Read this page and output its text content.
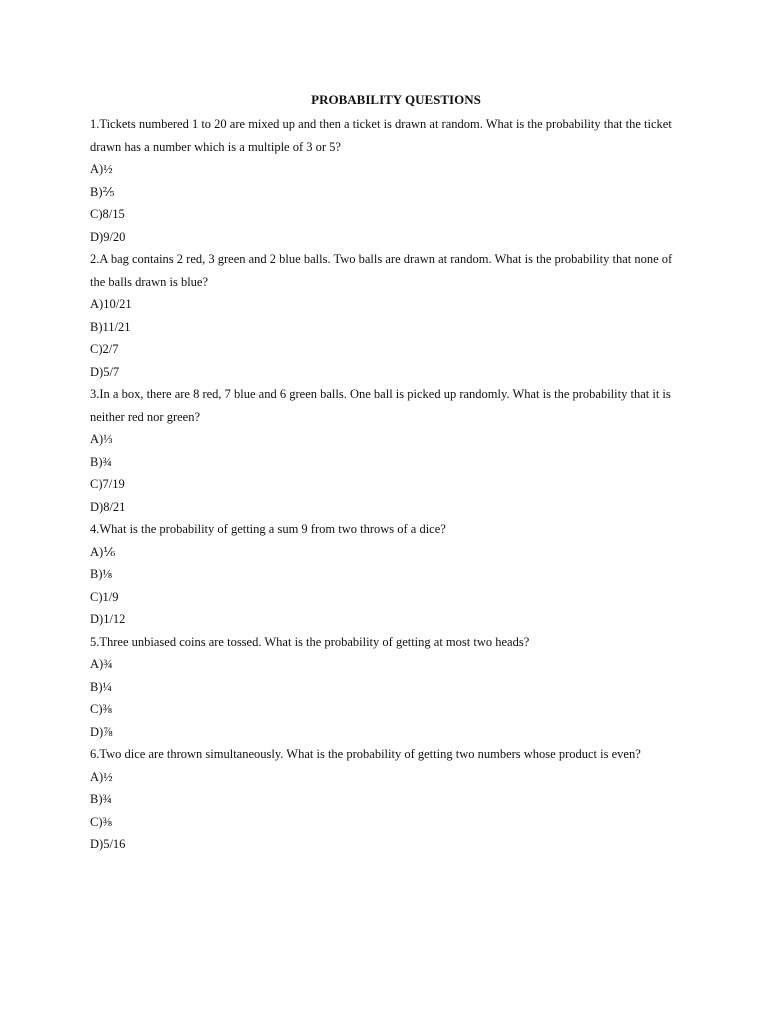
PROBABILITY QUESTIONS

1.Tickets numbered 1 to 20 are mixed up and then a ticket is drawn at random. What is the probability that the ticket drawn has a number which is a multiple of 3 or 5?

A)½

B)⅖

C)8/15

D)9/20

2.A bag contains 2 red, 3 green and 2 blue balls. Two balls are drawn at random. What is the probability that none of the balls drawn is blue?

A)10/21

B)11/21

C)2/7

D)5/7

3.In a box, there are 8 red, 7 blue and 6 green balls. One ball is picked up randomly. What is the probability that it is neither red nor green?

A)⅓

B)¾

C)7/19

D)8/21

4.What is the probability of getting a sum 9 from two throws of a dice?

A)⅙

B)⅛

C)1/9

D)1/12

5.Three unbiased coins are tossed. What is the probability of getting at most two heads?

A)¾

B)¼

C)⅜

D)⅞

6.Two dice are thrown simultaneously. What is the probability of getting two numbers whose product is even?

A)½

B)¾

C)⅜

D)5/16
